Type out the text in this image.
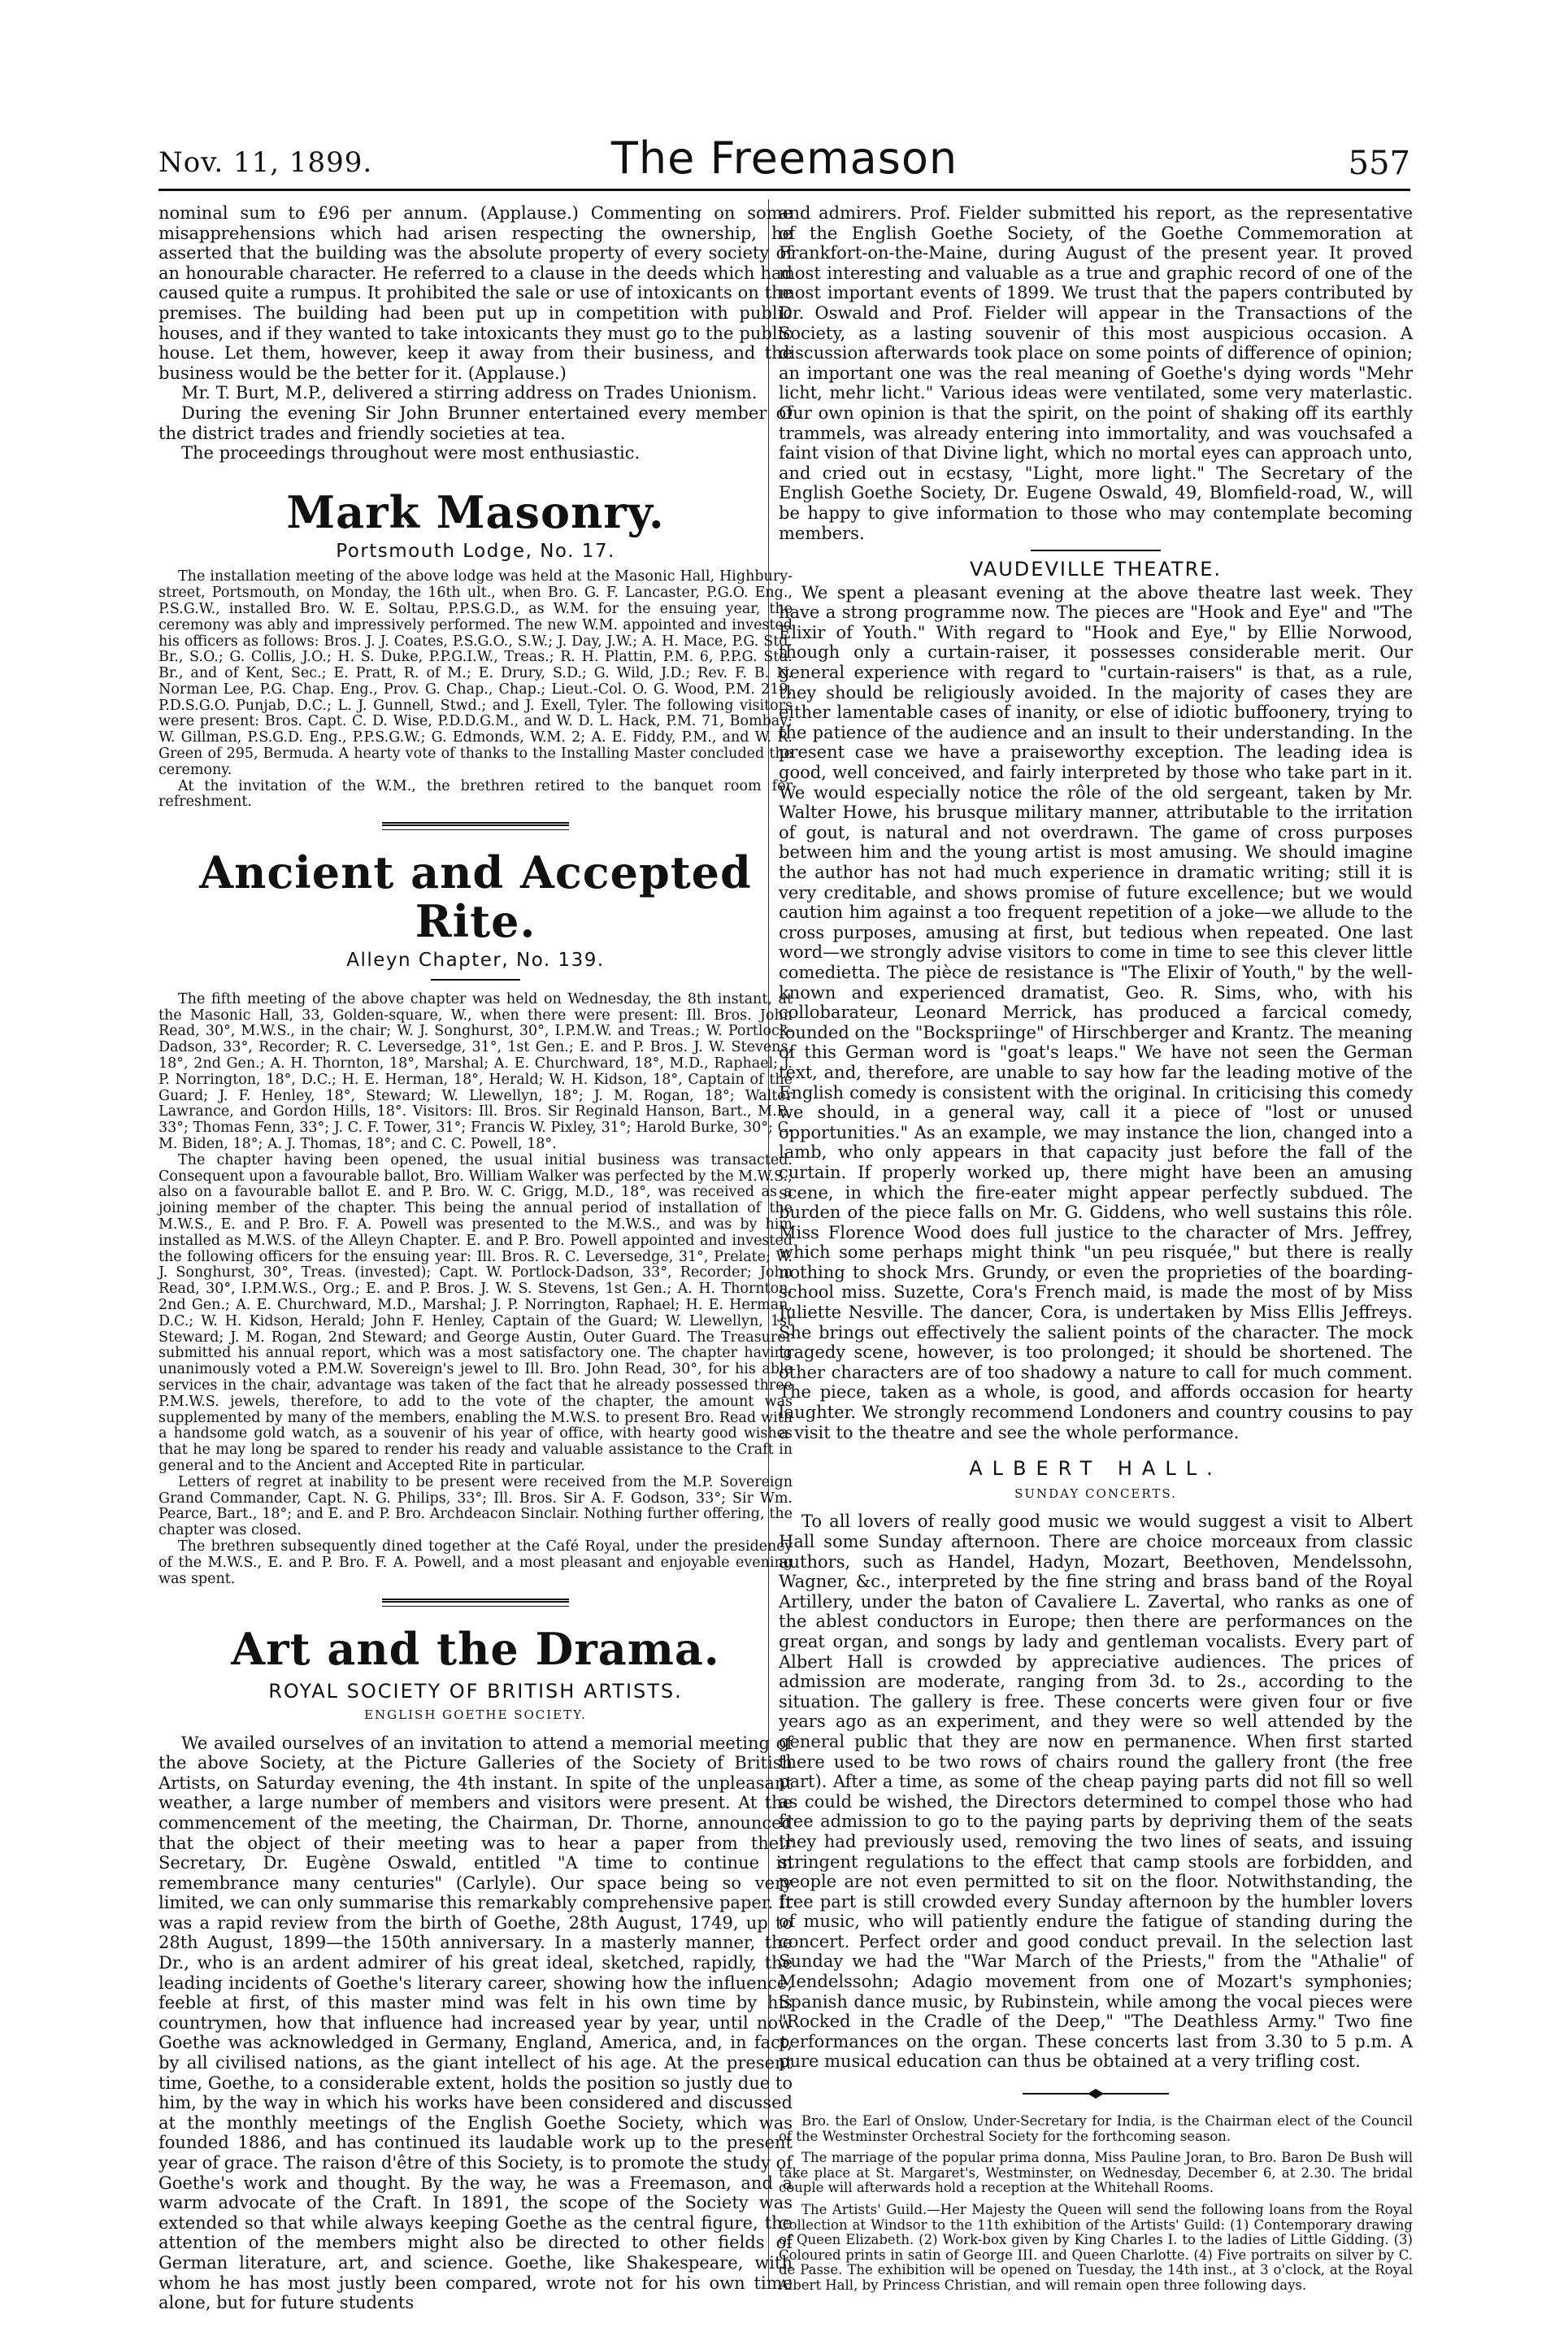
Nov. 11, 1899.	The Freemason	557

nominal sum to £96 per annum. (Applause.) Commenting on some misapprehensions which had arisen respecting the ownership, he asserted that the building was the absolute property of every society of an honourable character. He referred to a clause in the deeds which had caused quite a rumpus. It prohibited the sale or use of intoxicants on the premises. The building had been put up in competition with public houses, and if they wanted to take intoxicants they must go to the public house. Let them, however, keep it away from their business, and the business would be the better for it. (Applause.)

Mr. T. Burt, M.P., delivered a stirring address on Trades Unionism.

During the evening Sir John Brunner entertained every member of the district trades and friendly societies at tea.

The proceedings throughout were most enthusiastic.

Mark Masonry.
Portsmouth Lodge, No. 17.

The installation meeting of the above lodge was held at the Masonic Hall, Highbury-street, Portsmouth, on Monday, the 16th ult., when Bro. G. F. Lancaster, P.G.O. Eng., P.S.G.W., installed Bro. W. E. Soltau, P.P.S.G.D., as W.M. for the ensuing year, the ceremony was ably and impressively performed. The new W.M. appointed and invested his officers as follows: Bros. J. J. Coates, P.S.G.O., S.W.; J. Day, J.W.; A. H. Mace, P.G. Std. Br., S.O.; G. Collis, J.O.; H. S. Duke, P.P.G.I.W., Treas.; R. H. Plattin, P.M. 6, P.P.G. Std. Br., and of Kent, Sec.; E. Pratt, R. of M.; E. Drury, S.D.; G. Wild, J.D.; Rev. F. B. N. Norman Lee, P.G. Chap. Eng., Prov. G. Chap., Chap.; Lieut.-Col. O. G. Wood, P.M. 219, P.D.S.G.O. Punjab, D.C.; L. J. Gunnell, Stwd.; and J. Exell, Tyler. The following visitors were present: Bros. Capt. C. D. Wise, P.D.D.G.M., and W. D. L. Hack, P.M. 71, Bombay; W. Gillman, P.S.G.D. Eng., P.P.S.G.W.; G. Edmonds, W.M. 2; A. E. Fiddy, P.M., and W. R. Green of 295, Bermuda. A hearty vote of thanks to the Installing Master concluded the ceremony.

At the invitation of the W.M., the brethren retired to the banquet room for refreshment.

Ancient and Accepted Rite.
Alleyn Chapter, No. 139.

The fifth meeting of the above chapter was held on Wednesday, the 8th instant, at the Masonic Hall, 33, Golden-square, W., when there were present: Ill. Bros. John Read, 30°, M.W.S., in the chair; W. J. Songhurst, 30°, I.P.M.W. and Treas.; W. Portlock-Dadson, 33°, Recorder; R. C. Leversedge, 31°, 1st Gen.; E. and P. Bros. J. W. Stevens, 18°, 2nd Gen.; A. H. Thornton, 18°, Marshal; A. E. Churchward, 18°, M.D., Raphael; J. P. Norrington, 18°, D.C.; H. E. Herman, 18°, Herald; W. H. Kidson, 18°, Captain of the Guard; J. F. Henley, 18°, Steward; W. Llewellyn, 18°; J. M. Rogan, 18°; Walter Lawrance, and Gordon Hills, 18°. Visitors: Ill. Bros. Sir Reginald Hanson, Bart., M.P., 33°; Thomas Fenn, 33°; J. C. F. Tower, 31°; Francis W. Pixley, 31°; Harold Burke, 30°; C. M. Biden, 18°; A. J. Thomas, 18°; and C. C. Powell, 18°.

The chapter having been opened, the usual initial business was transacted. Consequent upon a favourable ballot, Bro. William Walker was perfected by the M.W.S.; also on a favourable ballot E. and P. Bro. W. C. Grigg, M.D., 18°, was received as a joining member of the chapter. This being the annual period of installation of the M.W.S., E. and P. Bro. F. A. Powell was presented to the M.W.S., and was by him installed as M.W.S. of the Alleyn Chapter. E. and P. Bro. Powell appointed and invested the following officers for the ensuing year: Ill. Bros. R. C. Leversedge, 31°, Prelate; W. J. Songhurst, 30°, Treas. (invested); Capt. W. Portlock-Dadson, 33°, Recorder; John Read, 30°, I.P.M.W.S., Org.; E. and P. Bros. J. W. S. Stevens, 1st Gen.; A. H. Thornton, 2nd Gen.; A. E. Churchward, M.D., Marshal; J. P. Norrington, Raphael; H. E. Herman, D.C.; W. H. Kidson, Herald; John F. Henley, Captain of the Guard; W. Llewellyn, 1st Steward; J. M. Rogan, 2nd Steward; and George Austin, Outer Guard. The Treasurer submitted his annual report, which was a most satisfactory one. The chapter having unanimously voted a P.M.W. Sovereign's jewel to Ill. Bro. John Read, 30°, for his able services in the chair, advantage was taken of the fact that he already possessed three P.M.W.S. jewels, therefore, to add to the vote of the chapter, the amount was supplemented by many of the members, enabling the M.W.S. to present Bro. Read with a handsome gold watch, as a souvenir of his year of office, with hearty good wishes that he may long be spared to render his ready and valuable assistance to the Craft in general and to the Ancient and Accepted Rite in particular.

Letters of regret at inability to be present were received from the M.P. Sovereign Grand Commander, Capt. N. G. Philips, 33°; Ill. Bros. Sir A. F. Godson, 33°; Sir Wm. Pearce, Bart., 18°; and E. and P. Bro. Archdeacon Sinclair. Nothing further offering, the chapter was closed.

The brethren subsequently dined together at the Café Royal, under the presidency of the M.W.S., E. and P. Bro. F. A. Powell, and a most pleasant and enjoyable evening was spent.

Art and the Drama.
ROYAL SOCIETY OF BRITISH ARTISTS.
ENGLISH GOETHE SOCIETY.

We availed ourselves of an invitation to attend a memorial meeting of the above Society, at the Picture Galleries of the Society of British Artists, on Saturday evening, the 4th instant. In spite of the unpleasant weather, a large number of members and visitors were present. At the commencement of the meeting, the Chairman, Dr. Thorne, announced that the object of their meeting was to hear a paper from their Secretary, Dr. Eugène Oswald, entitled "A time to continue in remembrance many centuries" (Carlyle). Our space being so very limited, we can only summarise this remarkably comprehensive paper. It was a rapid review from the birth of Goethe, 28th August, 1749, up to 28th August, 1899—the 150th anniversary. In a masterly manner, the Dr., who is an ardent admirer of his great ideal, sketched, rapidly, the leading incidents of Goethe's literary career, showing how the influence, feeble at first, of this master mind was felt in his own time by his countrymen, how that influence had increased year by year, until now Goethe was acknowledged in Germany, England, America, and, in fact, by all civilised nations, as the giant intellect of his age. At the present time, Goethe, to a considerable extent, holds the position so justly due to him, by the way in which his works have been considered and discussed at the monthly meetings of the English Goethe Society, which was founded 1886, and has continued its laudable work up to the present year of grace. The raison d'être of this Society, is to promote the study of Goethe's work and thought. By the way, he was a Freemason, and a warm advocate of the Craft. In 1891, the scope of the Society was extended so that while always keeping Goethe as the central figure, the attention of the members might also be directed to other fields of German literature, art, and science. Goethe, like Shakespeare, with whom he has most justly been compared, wrote not for his own time alone, but for future students

and admirers. Prof. Fielder submitted his report, as the representative of the English Goethe Society, of the Goethe Commemoration at Frankfort-on-the-Maine, during August of the present year. It proved most interesting and valuable as a true and graphic record of one of the most important events of 1899. We trust that the papers contributed by Dr. Oswald and Prof. Fielder will appear in the Transactions of the Society, as a lasting souvenir of this most auspicious occasion. A discussion afterwards took place on some points of difference of opinion; an important one was the real meaning of Goethe's dying words "Mehr licht, mehr licht." Various ideas were ventilated, some very materlastic. Our own opinion is that the spirit, on the point of shaking off its earthly trammels, was already entering into immortality, and was vouchsafed a faint vision of that Divine light, which no mortal eyes can approach unto, and cried out in ecstasy, "Light, more light." The Secretary of the English Goethe Society, Dr. Eugene Oswald, 49, Blomfield-road, W., will be happy to give information to those who may contemplate becoming members.

VAUDEVILLE THEATRE.

We spent a pleasant evening at the above theatre last week. They have a strong programme now. The pieces are "Hook and Eye" and "The Elixir of Youth." With regard to "Hook and Eye," by Ellie Norwood, though only a curtain-raiser, it possesses considerable merit. Our general experience with regard to "curtain-raisers" is that, as a rule, they should be religiously avoided. In the majority of cases they are either lamentable cases of inanity, or else of idiotic buffoonery, trying to the patience of the audience and an insult to their understanding. In the present case we have a praiseworthy exception. The leading idea is good, well conceived, and fairly interpreted by those who take part in it. We would especially notice the rôle of the old sergeant, taken by Mr. Walter Howe, his brusque military manner, attributable to the irritation of gout, is natural and not overdrawn. The game of cross purposes between him and the young artist is most amusing. We should imagine the author has not had much experience in dramatic writing; still it is very creditable, and shows promise of future excellence; but we would caution him against a too frequent repetition of a joke—we allude to the cross purposes, amusing at first, but tedious when repeated. One last word—we strongly advise visitors to come in time to see this clever little comedietta. The pièce de resistance is "The Elixir of Youth," by the well-known and experienced dramatist, Geo. R. Sims, who, with his collobarateur, Leonard Merrick, has produced a farcical comedy, founded on the "Bockspriinge" of Hirschberger and Krantz. The meaning of this German word is "goat's leaps." We have not seen the German text, and, therefore, are unable to say how far the leading motive of the English comedy is consistent with the original. In criticising this comedy we should, in a general way, call it a piece of "lost or unused opportunities." As an example, we may instance the lion, changed into a lamb, who only appears in that capacity just before the fall of the curtain. If properly worked up, there might have been an amusing scene, in which the fire-eater might appear perfectly subdued. The burden of the piece falls on Mr. G. Giddens, who well sustains this rôle. Miss Florence Wood does full justice to the character of Mrs. Jeffrey, which some perhaps might think "un peu risquée," but there is really nothing to shock Mrs. Grundy, or even the proprieties of the boarding-school miss. Suzette, Cora's French maid, is made the most of by Miss Juliette Nesville. The dancer, Cora, is undertaken by Miss Ellis Jeffreys. She brings out effectively the salient points of the character. The mock tragedy scene, however, is too prolonged; it should be shortened. The other characters are of too shadowy a nature to call for much comment. The piece, taken as a whole, is good, and affords occasion for hearty laughter. We strongly recommend Londoners and country cousins to pay a visit to the theatre and see the whole performance.

ALBERT HALL.
SUNDAY CONCERTS.

To all lovers of really good music we would suggest a visit to Albert Hall some Sunday afternoon. There are choice morceaux from classic authors, such as Handel, Hadyn, Mozart, Beethoven, Mendelssohn, Wagner, &c., interpreted by the fine string and brass band of the Royal Artillery, under the baton of Cavaliere L. Zavertal, who ranks as one of the ablest conductors in Europe; then there are performances on the great organ, and songs by lady and gentleman vocalists. Every part of Albert Hall is crowded by appreciative audiences. The prices of admission are moderate, ranging from 3d. to 2s., according to the situation. The gallery is free. These concerts were given four or five years ago as an experiment, and they were so well attended by the general public that they are now en permanence. When first started there used to be two rows of chairs round the gallery front (the free part). After a time, as some of the cheap paying parts did not fill so well as could be wished, the Directors determined to compel those who had free admission to go to the paying parts by depriving them of the seats they had previously used, removing the two lines of seats, and issuing stringent regulations to the effect that camp stools are forbidden, and people are not even permitted to sit on the floor. Notwithstanding, the free part is still crowded every Sunday afternoon by the humbler lovers of music, who will patiently endure the fatigue of standing during the concert. Perfect order and good conduct prevail. In the selection last Sunday we had the "War March of the Priests," from the "Athalie" of Mendelssohn; Adagio movement from one of Mozart's symphonies; Spanish dance music, by Rubinstein, while among the vocal pieces were "Rocked in the Cradle of the Deep," "The Deathless Army." Two fine performances on the organ. These concerts last from 3.30 to 5 p.m. A pure musical education can thus be obtained at a very trifling cost.

Bro. the Earl of Onslow, Under-Secretary for India, is the Chairman elect of the Council of the Westminster Orchestral Society for the forthcoming season.

The marriage of the popular prima donna, Miss Pauline Joran, to Bro. Baron De Bush will take place at St. Margaret's, Westminster, on Wednesday, December 6, at 2.30. The bridal couple will afterwards hold a reception at the Whitehall Rooms.

The Artists' Guild.—Her Majesty the Queen will send the following loans from the Royal Collection at Windsor to the 11th exhibition of the Artists' Guild: (1) Contemporary drawing of Queen Elizabeth. (2) Work-box given by King Charles I. to the ladies of Little Gidding. (3) Coloured prints in satin of George III. and Queen Charlotte. (4) Five portraits on silver by C. de Passe. The exhibition will be opened on Tuesday, the 14th inst., at 3 o'clock, at the Royal Albert Hall, by Princess Christian, and will remain open three following days.
